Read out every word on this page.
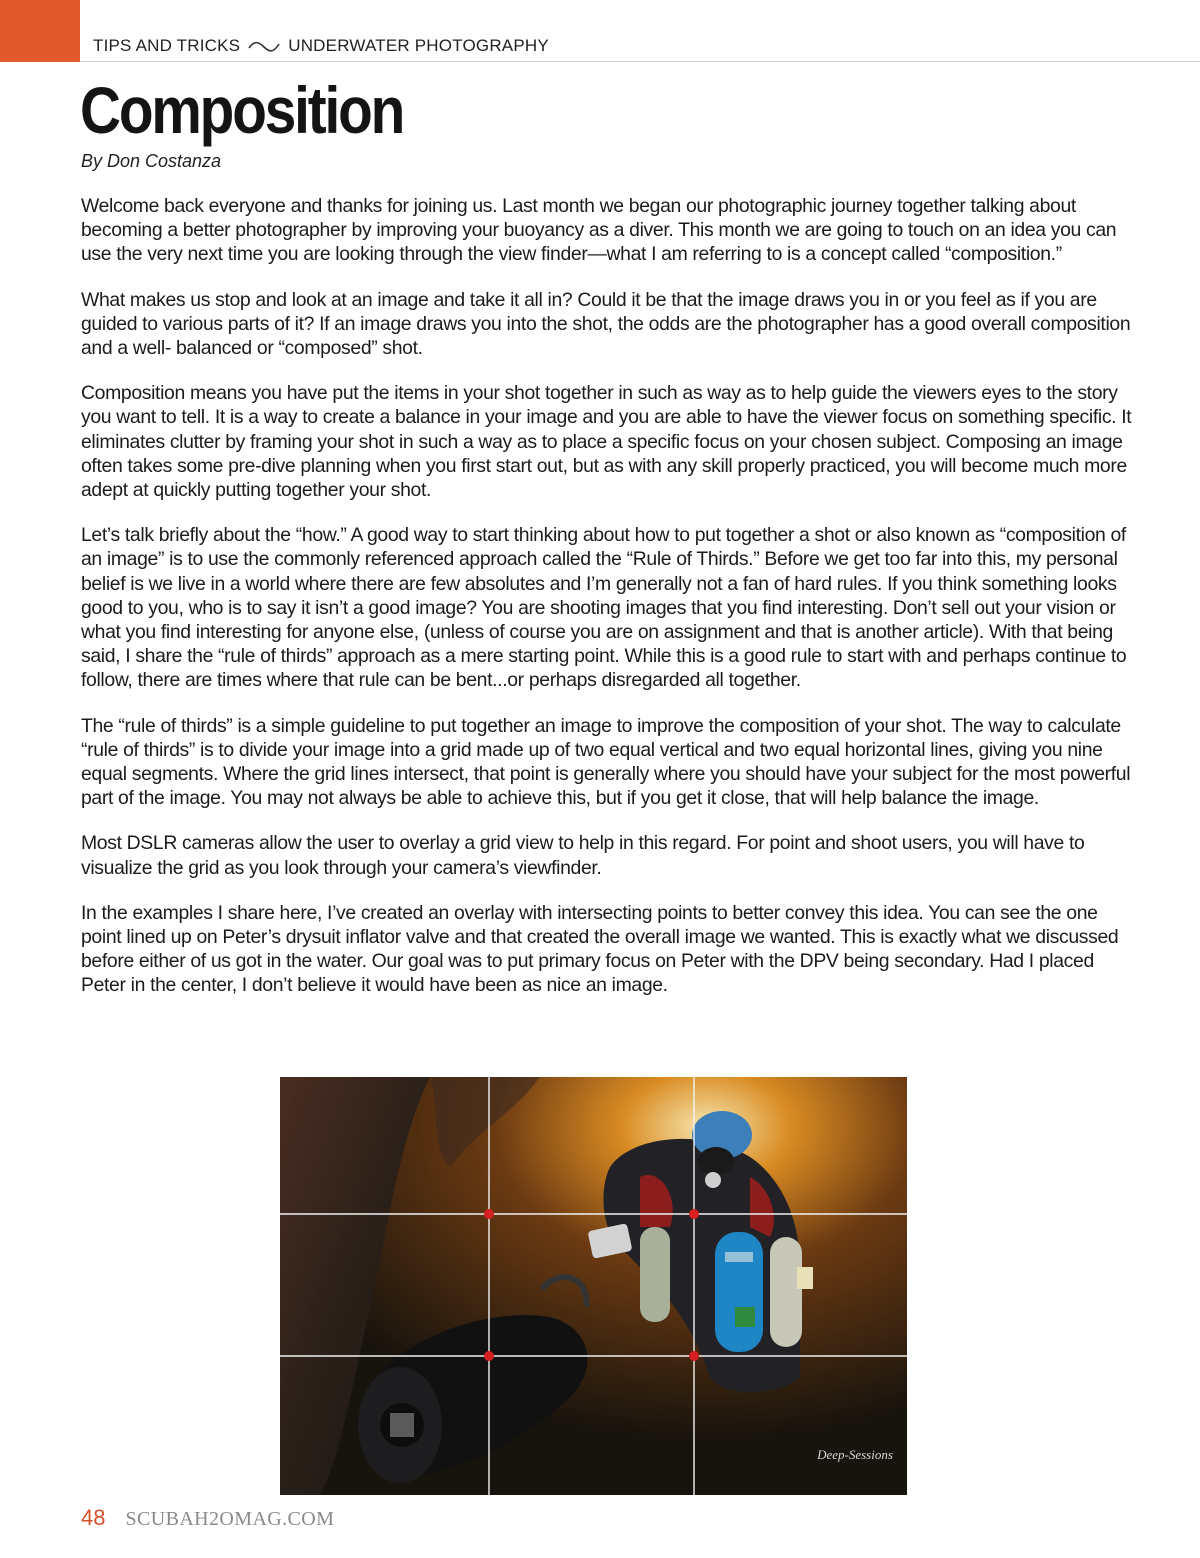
TIPS AND TRICKS	UNDERWATER PHOTOGRAPHY
Composition
By Don Costanza

Welcome back everyone and thanks for joining us. Last month we began our photographic journey together talking about becoming a better photographer by improving your buoyancy as a diver. This month we are going to touch on an idea you can use the very next time you are looking through the view finder—what I am referring to is a concept called “composition.”

What makes us stop and look at an image and take it all in? Could it be that the image draws you in or you feel as if you are guided to various parts of it? If an image draws you into the shot, the odds are the photographer has a good overall composition and a well- balanced or “composed” shot.

Composition means you have put the items in your shot together in such as way as to help guide the viewers eyes to the story you want to tell. It is a way to create a balance in your image and you are able to have the viewer focus on something specific. It eliminates clutter by framing your shot in such a way as to place a specific focus on your chosen subject. Composing an image often takes some pre-dive planning when you first start out, but as with any skill properly practiced, you will become much more adept at quickly putting together your shot.

Let’s talk briefly about the “how.” A good way to start thinking about how to put together a shot or also known as “composition of an image” is to use the commonly referenced approach called the “Rule of Thirds.” Before we get too far into this, my personal belief is we live in a world where there are few absolutes and I’m generally not a fan of hard rules. If you think something looks good to you, who is to say it isn’t a good image? You are shooting images that you find interesting. Don’t sell out your vision or what you find interesting for anyone else, (unless of course you are on assignment and that is another article). With that being said, I share the “rule of thirds” approach as a mere starting point. While this is a good rule to start with and perhaps continue to follow, there are times where that rule can be bent...or perhaps disregarded all together.

The “rule of thirds” is a simple guideline to put together an image to improve the composition of your shot. The way to calculate “rule of thirds” is to divide your image into a grid made up of two equal vertical and two equal horizontal lines, giving you nine equal segments. Where the grid lines intersect, that point is generally where you should have your subject for the most powerful part of the image. You may not always be able to achieve this, but if you get it close, that will help balance the image.

Most DSLR cameras allow the user to overlay a grid view to help in this regard. For point and shoot users, you will have to visualize the grid as you look through your camera’s viewfinder.

In the examples I share here, I’ve created an overlay with intersecting points to better convey this idea. You can see the one point lined up on Peter’s drysuit inflator valve and that created the overall image we wanted. This is exactly what we discussed before either of us got in the water. Our goal was to put primary focus on Peter with the DPV being secondary. Had I placed Peter in the center, I don’t believe it would have been as nice an image.

Deep-Sessions
48 SCUBAH2OMAG.COM
